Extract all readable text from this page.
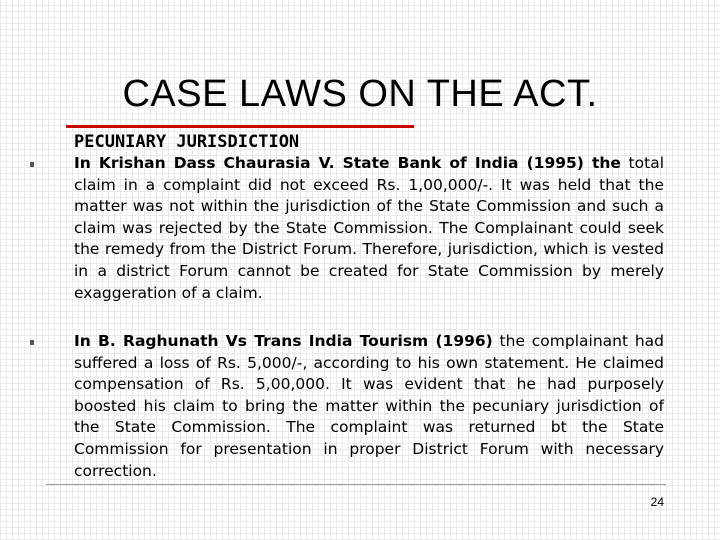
CASE LAWS ON THE ACT.
PECUNIARY JURISDICTION

In Krishan Dass Chaurasia V. State Bank of India (1995) the total claim in a complaint did not exceed Rs. 1,00,000/-. It was held that the matter was not within the jurisdiction of the State Commission and such a claim was rejected by the State Commission. The Complainant could seek the remedy from the District Forum. Therefore, jurisdiction, which is vested in a district Forum cannot be created for State Commission by merely exaggeration of a claim.

In B. Raghunath Vs Trans India Tourism (1996) the complainant had suffered a loss of Rs. 5,000/-, according to his own statement. He claimed compensation of Rs. 5,00,000. It was evident that he had purposely boosted his claim to bring the matter within the pecuniary jurisdiction of the State Commission. The complaint was returned bt the State Commission for presentation in proper District Forum with necessary correction.

24
